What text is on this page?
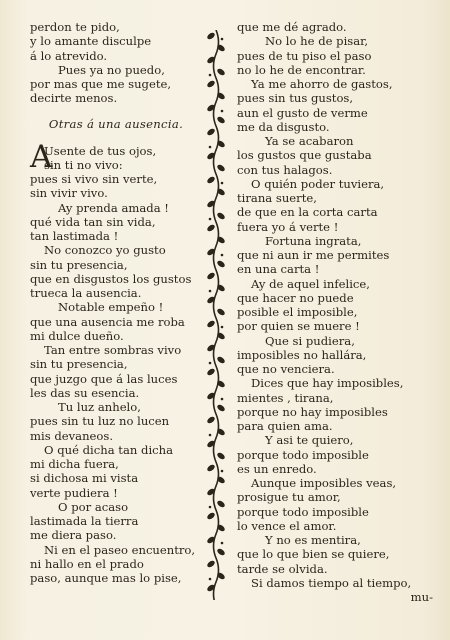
perdon te pido,
y lo amante disculpe
á lo atrevido.
Pues ya no puedo,
por mas que me sugete,
decirte menos.
Otras á una ausencia.
A
Usente de tus ojos,
sin ti no vivo:
pues si vivo sin verte,
sin vivir vivo.
Ay prenda amada !
qué vida tan sin vida,
tan lastimada !
No conozco yo gusto
sin tu presencia,
que en disgustos los gustos
trueca la ausencia.
Notable empeño !
que una ausencia me roba
mi dulce dueño.
Tan entre sombras vivo
sin tu presencia,
que juzgo que á las luces
les das su esencia.
Tu luz anhelo,
pues sin tu luz no lucen
mis devaneos.
O qué dicha tan dicha
mi dicha fuera,
si dichosa mi vista
verte pudiera !
O por acaso
lastimada la tierra
me diera paso.
Ni en el paseo encuentro,
ni hallo en el prado
paso, aunque mas lo pise,
que me dé agrado.
No lo he de pisar,
pues de tu piso el paso
no lo he de encontrar.
Ya me ahorro de gastos,
pues sin tus gustos,
aun el gusto de verme
me da disgusto.
Ya se acabaron
los gustos que gustaba
con tus halagos.
O quién poder tuviera,
tirana suerte,
de que en la corta carta
fuera yo á verte !
Fortuna ingrata,
que ni aun ir me permites
en una carta !
Ay de aquel infelice,
que hacer no puede
posible el imposible,
por quien se muere !
Que si pudiera,
imposibles no hallára,
que no venciera.
Dices que hay imposibles,
mientes , tirana,
porque no hay imposibles
para quien ama.
Y asi te quiero,
porque todo imposible
es un enredo.
Aunque imposibles veas,
prosigue tu amor,
porque todo imposible
lo vence el amor.
Y no es mentira,
que lo que bien se quiere,
tarde se olvida.
Si damos tiempo al tiempo,
mu-
